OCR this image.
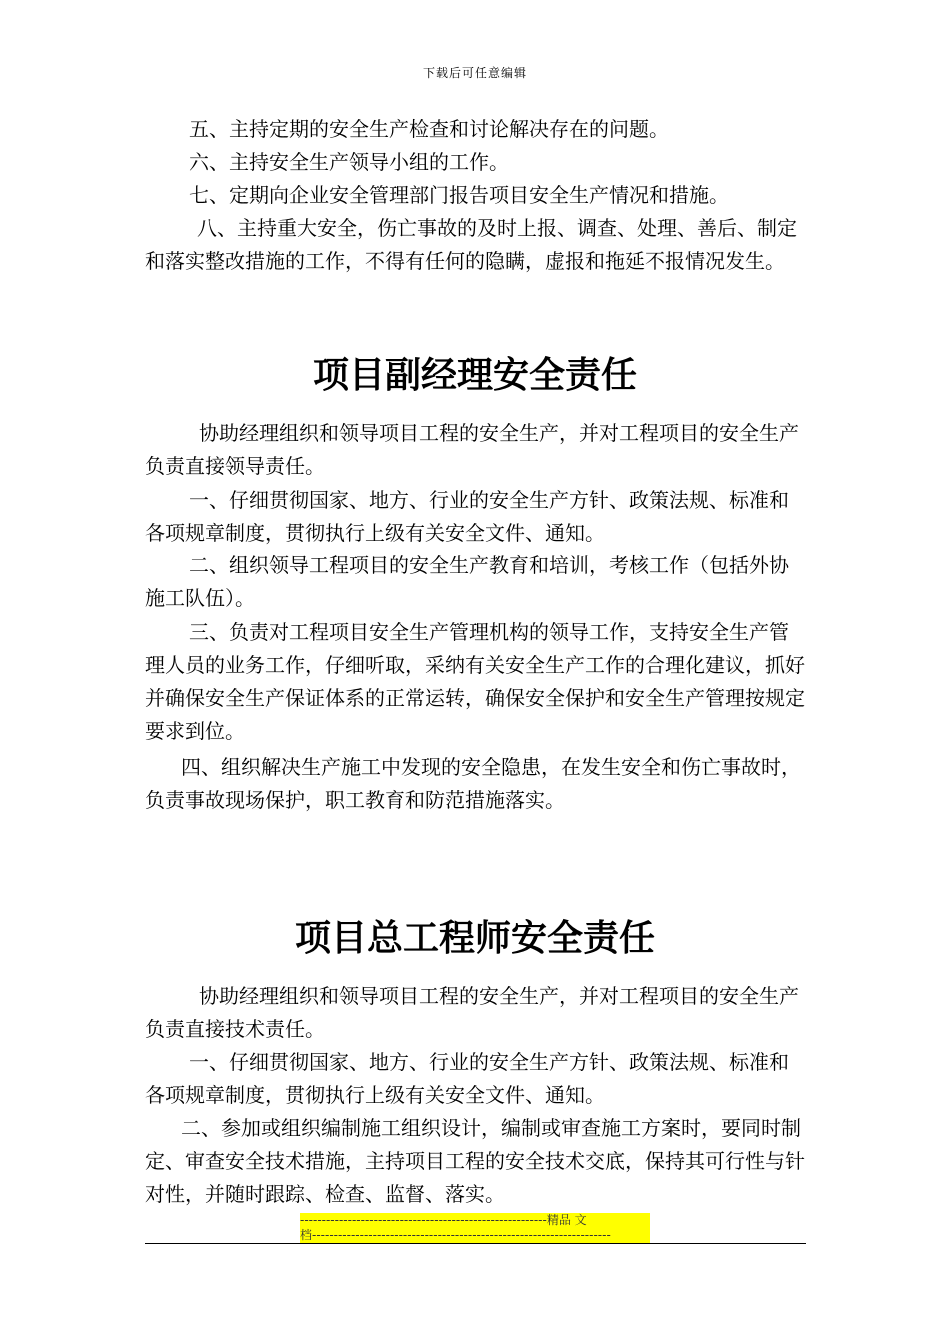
下载后可任意编辑

五、主持定期的安全生产检查和讨论解决存在的问题。

六、主持安全生产领导小组的工作。

七、定期向企业安全管理部门报告项目安全生产情况和措施。

八、主持重大安全，伤亡事故的及时上报、调查、处理、善后、制定和落实整改措施的工作，不得有任何的隐瞒，虚报和拖延不报情况发生。

项目副经理安全责任

协助经理组织和领导项目工程的安全生产，并对工程项目的安全生产负责直接领导责任。

一、仔细贯彻国家、地方、行业的安全生产方针、政策法规、标准和各项规章制度，贯彻执行上级有关安全文件、通知。

二、组织领导工程项目的安全生产教育和培训，考核工作（包括外协施工队伍）。

三、负责对工程项目安全生产管理机构的领导工作，支持安全生产管理人员的业务工作，仔细听取，采纳有关安全生产工作的合理化建议，抓好并确保安全生产保证体系的正常运转，确保安全保护和安全生产管理按规定要求到位。

四、组织解决生产施工中发现的安全隐患，在发生安全和伤亡事故时，负责事故现场保护，职工教育和防范措施落实。

项目总工程师安全责任

协助经理组织和领导项目工程的安全生产，并对工程项目的安全生产负责直接技术责任。

一、仔细贯彻国家、地方、行业的安全生产方针、政策法规、标准和各项规章制度，贯彻执行上级有关安全文件、通知。

二、参加或组织编制施工组织设计，编制或审查施工方案时，要同时制定、审查安全技术措施，主持项目工程的安全技术交底，保持其可行性与针对性，并随时跟踪、检查、监督、落实。

---------------------------------------------------------精品 文
档---------------------------------------------------------------------
